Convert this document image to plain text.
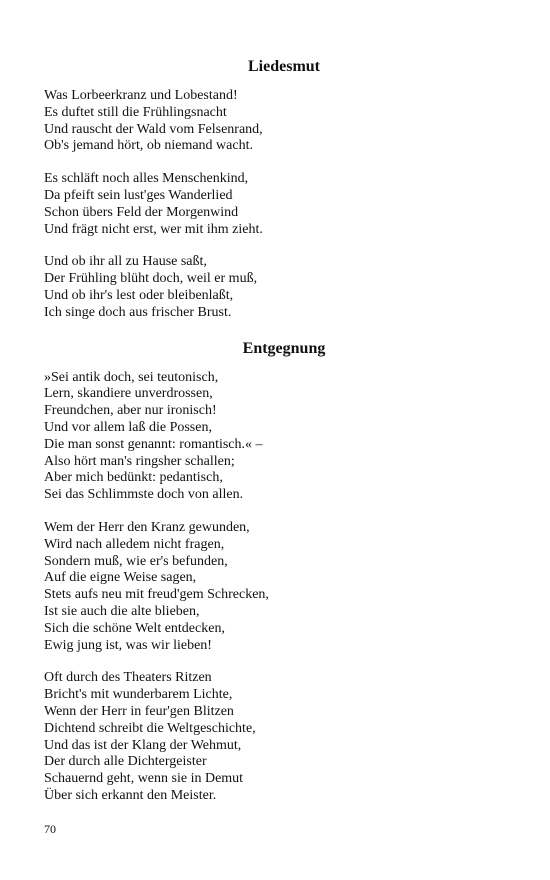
Liedesmut
Was Lorbeerkranz und Lobestand!
Es duftet still die Frühlingsnacht
Und rauscht der Wald vom Felsenrand,
Ob's jemand hört, ob niemand wacht.
Es schläft noch alles Menschenkind,
Da pfeift sein lust'ges Wanderlied
Schon übers Feld der Morgenwind
Und frägt nicht erst, wer mit ihm zieht.
Und ob ihr all zu Hause saßt,
Der Frühling blüht doch, weil er muß,
Und ob ihr's lest oder bleibenlaßt,
Ich singe doch aus frischer Brust.
Entgegnung
»Sei antik doch, sei teutonisch,
Lern, skandiere unverdrossen,
Freundchen, aber nur ironisch!
Und vor allem laß die Possen,
Die man sonst genannt: romantisch.« –
Also hört man's ringsher schallen;
Aber mich bedünkt: pedantisch,
Sei das Schlimmste doch von allen.
Wem der Herr den Kranz gewunden,
Wird nach alledem nicht fragen,
Sondern muß, wie er's befunden,
Auf die eigne Weise sagen,
Stets aufs neu mit freud'gem Schrecken,
Ist sie auch die alte blieben,
Sich die schöne Welt entdecken,
Ewig jung ist, was wir lieben!
Oft durch des Theaters Ritzen
Bricht's mit wunderbarem Lichte,
Wenn der Herr in feur'gen Blitzen
Dichtend schreibt die Weltgeschichte,
Und das ist der Klang der Wehmut,
Der durch alle Dichtergeister
Schauernd geht, wenn sie in Demut
Über sich erkannt den Meister.
70
